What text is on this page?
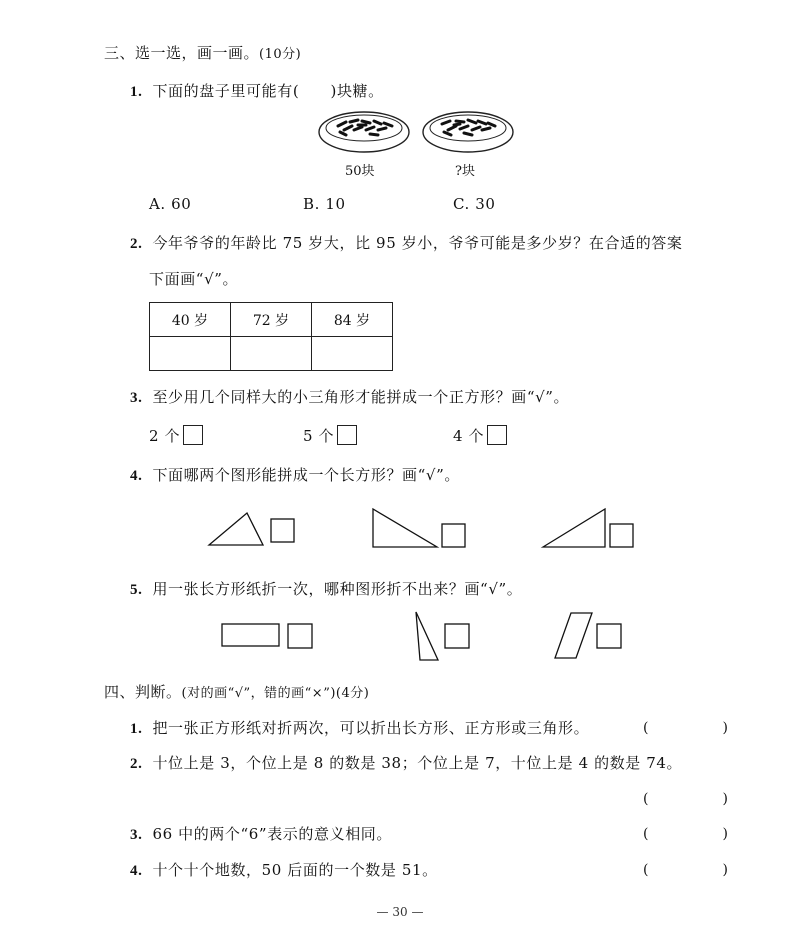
三、选一选，画一画。(10分)
1. 下面的盘子里可能有(　　)块糖。
50块	?块
A. 60	B. 10	C. 30
2. 今年爷爷的年龄比 75 岁大，比 95 岁小，爷爷可能是多少岁？在合适的答案
下面画“√”。
40 岁	72 岁	84 岁

3. 至少用几个同样大的小三角形才能拼成一个正方形？画“√”。
2 个	5 个	4 个
4. 下面哪两个图形能拼成一个长方形？画“√”。
5. 用一张长方形纸折一次，哪种图形折不出来？画“√”。
四、判断。(对的画“√”，错的画“×”)(4分)
1. 把一张正方形纸对折两次，可以折出长方形、正方形或三角形。	(　)
2. 十位上是 3，个位上是 8 的数是 38；个位上是 7，十位上是 4 的数是 74。
(　)
3. 66 中的两个“6”表示的意义相同。	(　)
4. 十个十个地数，50 后面的一个数是 51。	(　)
— 30 —
